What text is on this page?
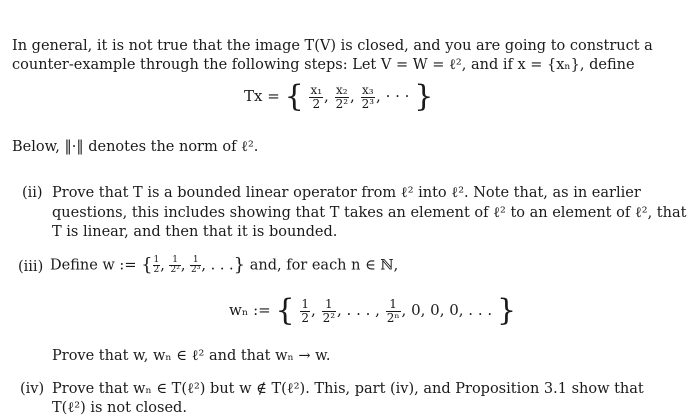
In general, it is not true that the image T(V) is closed, and you are going to construct a
counter-example through the following steps: Let V = W = ℓ², and if x = {xₙ}, define
Tx = { $\frac{\text{x₁}}{2}$ , $\frac{\text{x₂}}{\text{2²}}$ , $\frac{\text{x₃}}{\text{2³}}$ , · · · }
Below, ‖·‖ denotes the norm of ℓ².
(ii) Prove that T is a bounded linear operator from ℓ² into ℓ². Note that, as in earlier
questions, this includes showing that T takes an element of ℓ² to an element of ℓ², that
T is linear, and then that it is bounded.
(iii) Define w := { $\frac{1}{2}$ , $\frac{1}{\text{2²}}$ , $\frac{1}{\text{2³}}$ , . . .} and, for each n ∈ ℕ,
wₙ := { $\frac{1}{2}$ , $\frac{1}{\text{2²}}$ , . . . , $\frac{1}{\text{2ⁿ}}$ , 0, 0, 0, . . . }
Prove that w, wₙ ∈ ℓ² and that wₙ → w.
(iv) Prove that wₙ ∈ T(ℓ²) but w ∉ T(ℓ²). This, part (iv), and Proposition 3.1 show that
T(ℓ²) is not closed.
